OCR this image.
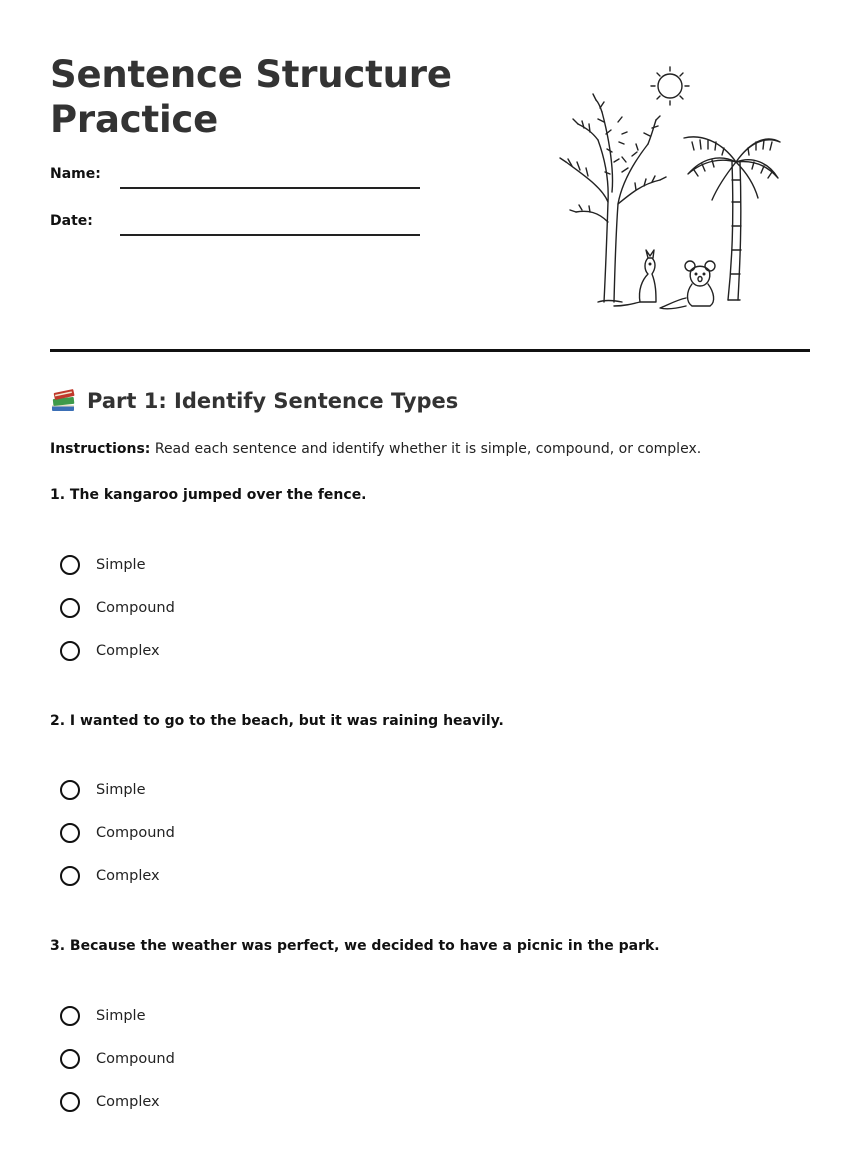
Sentence Structure Practice
Name:
Date:
Part 1: Identify Sentence Types
Instructions: Read each sentence and identify whether it is simple, compound, or complex.
1. The kangaroo jumped over the fence.
Simple
Compound
Complex
2. I wanted to go to the beach, but it was raining heavily.
Simple
Compound
Complex
3. Because the weather was perfect, we decided to have a picnic in the park.
Simple
Compound
Complex
